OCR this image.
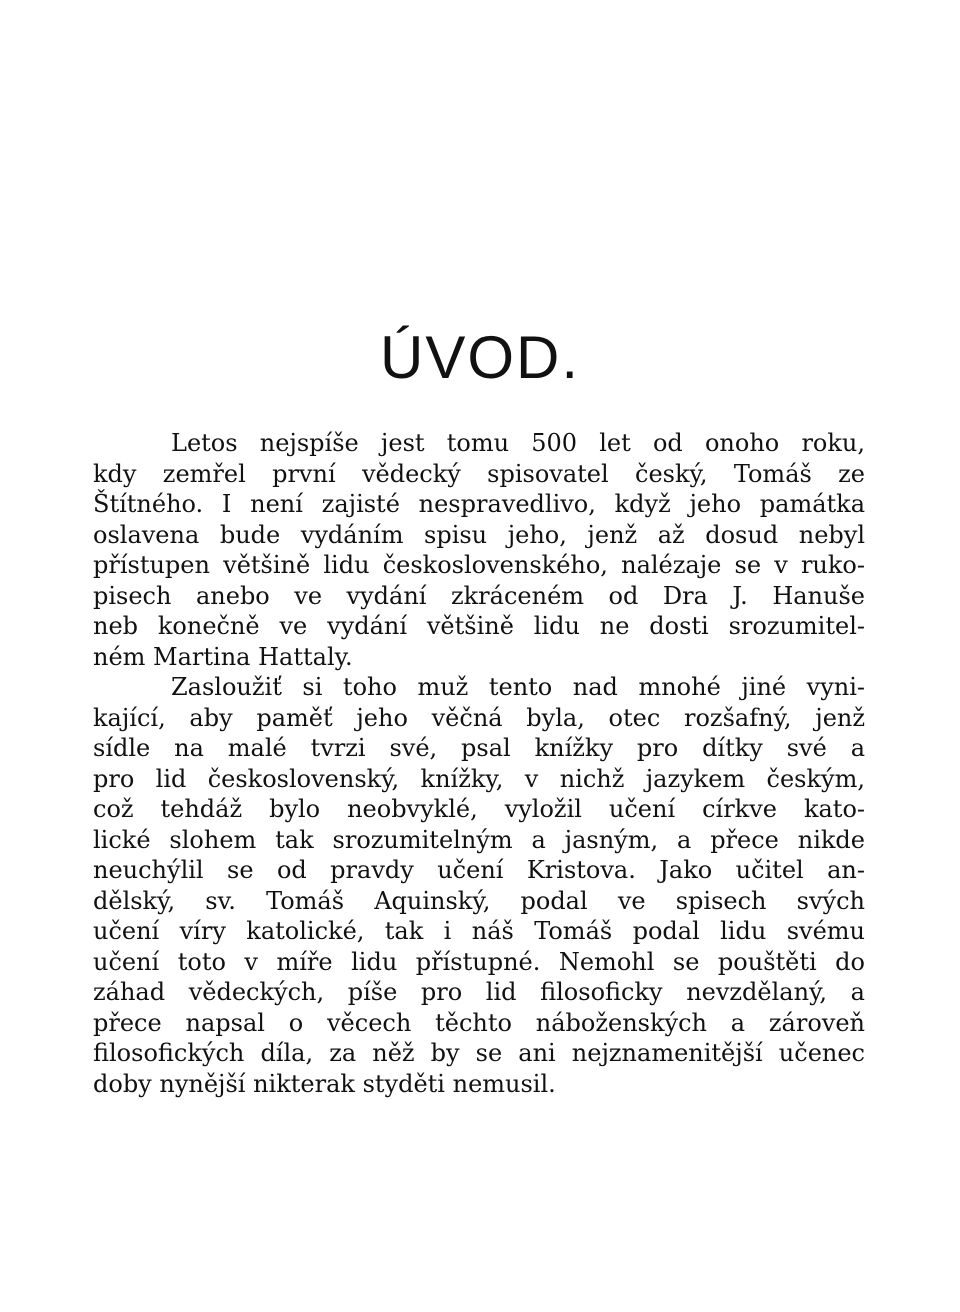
ÚVOD.
Letos nejspíše jest tomu 500 let od onoho roku,
kdy zemřel první vědecký spisovatel český, Tomáš ze
Štítného. I není zajisté nespravedlivo, když jeho památka
oslavena bude vydáním spisu jeho, jenž až dosud nebyl
přístupen většině lidu československého, nalézaje se v ruko-
pisech anebo ve vydání zkráceném od Dra J. Hanuše
neb konečně ve vydání většině lidu ne dosti srozumitel-
ném Martina Hattaly.
Zasloužiť si toho muž tento nad mnohé jiné vyni-
kající, aby paměť jeho věčná byla, otec rozšafný, jenž
sídle na malé tvrzi své, psal knížky pro dítky své a
pro lid československý, knížky, v nichž jazykem českým,
což tehdáž bylo neobvyklé, vyložil učení církve kato-
lické slohem tak srozumitelným a jasným, a přece nikde
neuchýlil se od pravdy učení Kristova. Jako učitel an-
dělský, sv. Tomáš Aquinský, podal ve spisech svých
učení víry katolické, tak i náš Tomáš podal lidu svému
učení toto v míře lidu přístupné. Nemohl se pouštěti do
záhad vědeckých, píše pro lid filosoficky nevzdělaný, a
přece napsal o věcech těchto náboženských a zároveň
filosofických díla, za něž by se ani nejznamenitější učenec
doby nynější nikterak styděti nemusil.
